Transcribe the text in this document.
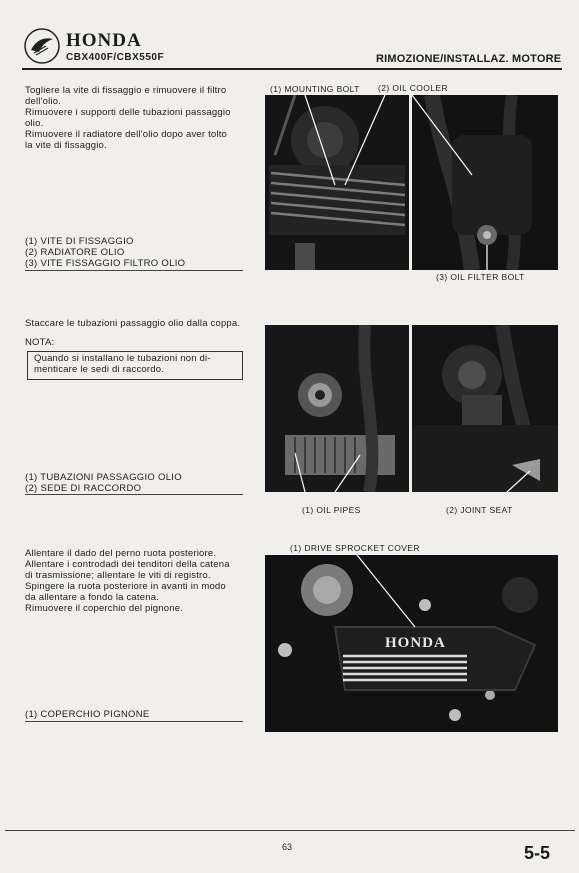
HONDA
CBX400F/CBX550F	RIMOZIONE/INSTALLAZ. MOTORE
Togliere la vite di fissaggio e rimuovere il filtro
dell'olio.
Rimuovere i supporti delle tubazioni passaggio
olio.
Rimuovere il radiatore dell'olio dopo aver tolto
la vite di fissaggio.
(1) VITE DI FISSAGGIO
(2) RADIATORE OLIO
(3) VITE FISSAGGIO FILTRO OLIO
(1) MOUNTING BOLT (2) OIL COOLER
(3) OIL FILTER BOLT
Staccare le tubazioni passaggio olio dalla coppa.
NOTA:
Quando si installano le tubazioni non di-
menticare le sedi di raccordo.
(1) TUBAZIONI PASSAGGIO OLIO
(2) SEDE DI RACCORDO
(1) OIL PIPES	(2) JOINT SEAT
Allentare il dado del perno ruota posteriore.
Allentare i controdadi dei tenditori della catena
di trasmissione; allentare le viti di registro.
Spingere la ruota posteriore in avanti in modo
da allentare a fondo la catena.
Rimuovere il coperchio del pignone.
(1) COPERCHIO PIGNONE
(1) DRIVE SPROCKET COVER
HONDA
63	5-5
